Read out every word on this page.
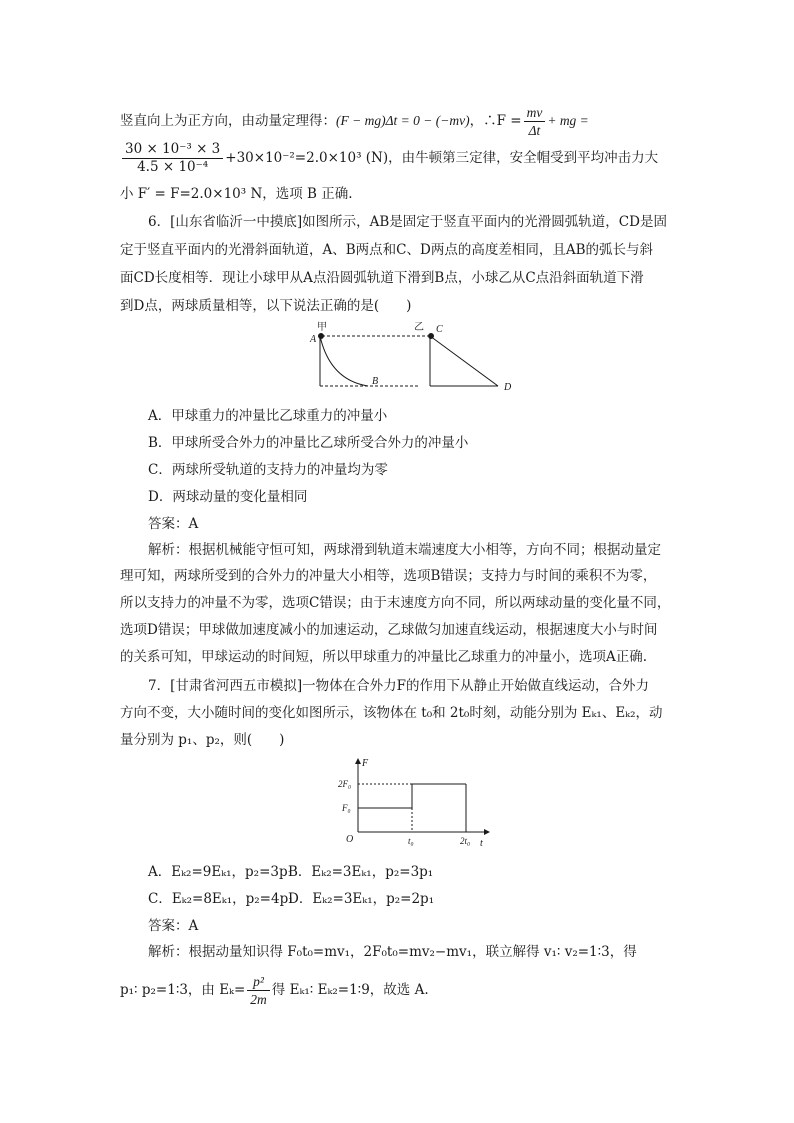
竖直向上为正方向，由动量定理得：(F − mg)Δt = 0 − (−mv)，∴F = $\frac{mv}{\Delta t}$ + mg =
$\frac{\text{30 × 10⁻³ × 3}}{\text{4.5 × 10⁻⁴}} +30\times 10^{-2}=2.0\times 10^3$ (N)，由牛顿第三定律，安全帽受到平均冲击力大
小 F′ = F=2.0×10³ N，选项 B 正确.
6．[山东省临沂一中摸底]如图所示，AB是固定于竖直平面内的光滑圆弧轨道，CD是固
定于竖直平面内的光滑斜面轨道，A、B两点和C、D两点的高度差相同，且AB的弧长与斜
面CD长度相等．现让小球甲从A点沿圆弧轨道下滑到B点，小球乙从C点沿斜面轨道下滑
到D点，两球质量相等，以下说法正确的是(　　)
甲
A
B
乙 C
D
A．甲球重力的冲量比乙球重力的冲量小
B．甲球所受合外力的冲量比乙球所受合外力的冲量小
C．两球所受轨道的支持力的冲量均为零
D．两球动量的变化量相同
答案：A
解析：根据机械能守恒可知，两球滑到轨道末端速度大小相等，方向不同；根据动量定
理可知，两球所受到的合外力的冲量大小相等，选项B错误；支持力与时间的乘积不为零，
所以支持力的冲量不为零，选项C错误；由于末速度方向不同，所以两球动量的变化量不同，
选项D错误；甲球做加速度减小的加速运动，乙球做匀加速直线运动，根据速度大小与时间
的关系可知，甲球运动的时间短，所以甲球重力的冲量比乙球重力的冲量小，选项A正确.
7．[甘肃省河西五市模拟]一物体在合外力F的作用下从静止开始做直线运动，合外力
方向不变，大小随时间的变化如图所示，该物体在 t₀和 2t₀时刻，动能分别为 Eₖ₁、Eₖ₂，动
量分别为 p₁、p₂，则(　　)
F
t
O
F₀
2F₀
t₀	2t₀
A．Eₖ₂=9Eₖ₁，p₂=3p₁
B．Eₖ₂=3Eₖ₁，p₂=3p₁
C．Eₖ₂=8Eₖ₁，p₂=4p₁
D．Eₖ₂=3Eₖ₁，p₂=2p₁
答案：A
解析：根据动量知识得 F₀t₀=mv₁，2F₀t₀=mv₂−mv₁，联立解得 v₁∶ v₂=1∶3，得
p₁∶ p₂=1∶3，由 $E_k= \frac{\text{p²}}{2m}$ 得 Eₖ₁∶ Eₖ₂=1∶9，故选 A.
